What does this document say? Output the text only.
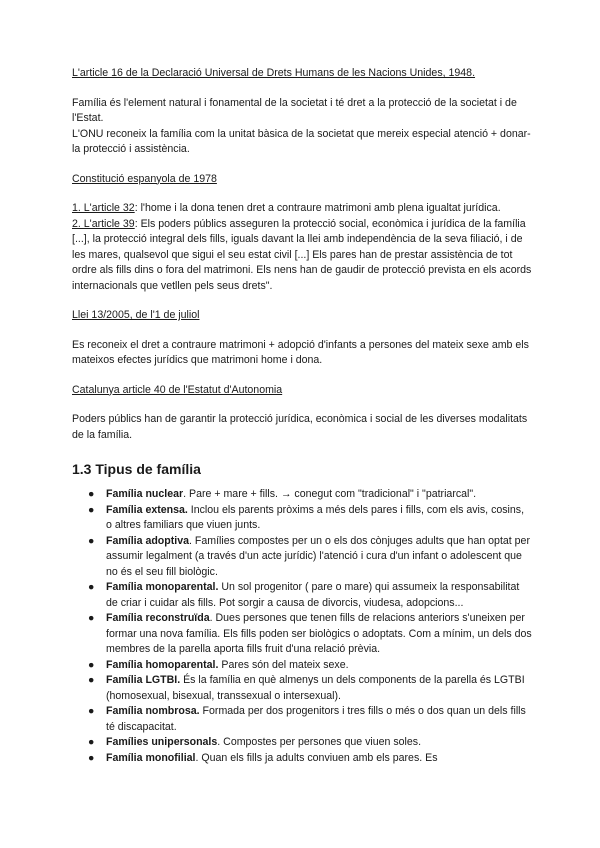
L'article 16 de la Declaració Universal de Drets Humans de les Nacions Unides, 1948.

Família és l'element natural i fonamental de la societat i té dret a la protecció de la societat i de l'Estat.

L'ONU reconeix la família com la unitat bàsica de la societat que mereix especial atenció + donar-la protecció i assistència.

Constitució espanyola de 1978

1. L'article 32: l'home i la dona tenen dret a contraure matrimoni amb plena igualtat jurídica.

2. L'article 39: Els poders públics asseguren la protecció social, econòmica i jurídica de la família [...], la protecció integral dels fills, iguals davant la llei amb independència de la seva filiació, i de les mares, qualsevol que sigui el seu estat civil [...] Els pares han de prestar assistència de tot ordre als fills dins o fora del matrimoni. Els nens han de gaudir de protecció prevista en els acords internacionals que vetllen pels seus drets".

Llei 13/2005, de l'1 de juliol

Es reconeix el dret a contraure matrimoni + adopció d'infants a persones del mateix sexe amb els mateixos efectes jurídics que matrimoni home i dona.

Catalunya article 40 de l'Estatut d'Autonomia

Poders públics han de garantir la protecció jurídica, econòmica i social de les diverses modalitats de la família.

1.3 Tipus de família
● Família nuclear. Pare + mare + fills. → conegut com "tradicional" i "patriarcal".
● Família extensa. Inclou els parents pròxims a més dels pares i fills, com els avis, cosins, o altres familiars que viuen junts.
● Família adoptiva. Famílies compostes per un o els dos cònjuges adults que han optat per assumir legalment (a través d'un acte jurídic) l'atenció i cura d'un infant o adolescent que no és el seu fill biològic.
● Família monoparental. Un sol progenitor ( pare o mare) qui assumeix la responsabilitat de criar i cuidar als fills. Pot sorgir a causa de divorcis, viudesa, adopcions...
● Família reconstruïda. Dues persones que tenen fills de relacions anteriors s'uneixen per formar una nova família. Els fills poden ser biològics o adoptats. Com a mínim, un dels dos membres de la parella aporta fills fruit d'una relació prèvia.
● Família homoparental. Pares són del mateix sexe.
● Família LGTBI. És la família en què almenys un dels components de la parella és LGTBI (homosexual, bisexual, transsexual o intersexual).
● Família nombrosa. Formada per dos progenitors i tres fills o més o dos quan un dels fills té discapacitat.
● Famílies unipersonals. Compostes per persones que viuen soles.
● Família monofilial. Quan els fills ja adults conviuen amb els pares. Es
